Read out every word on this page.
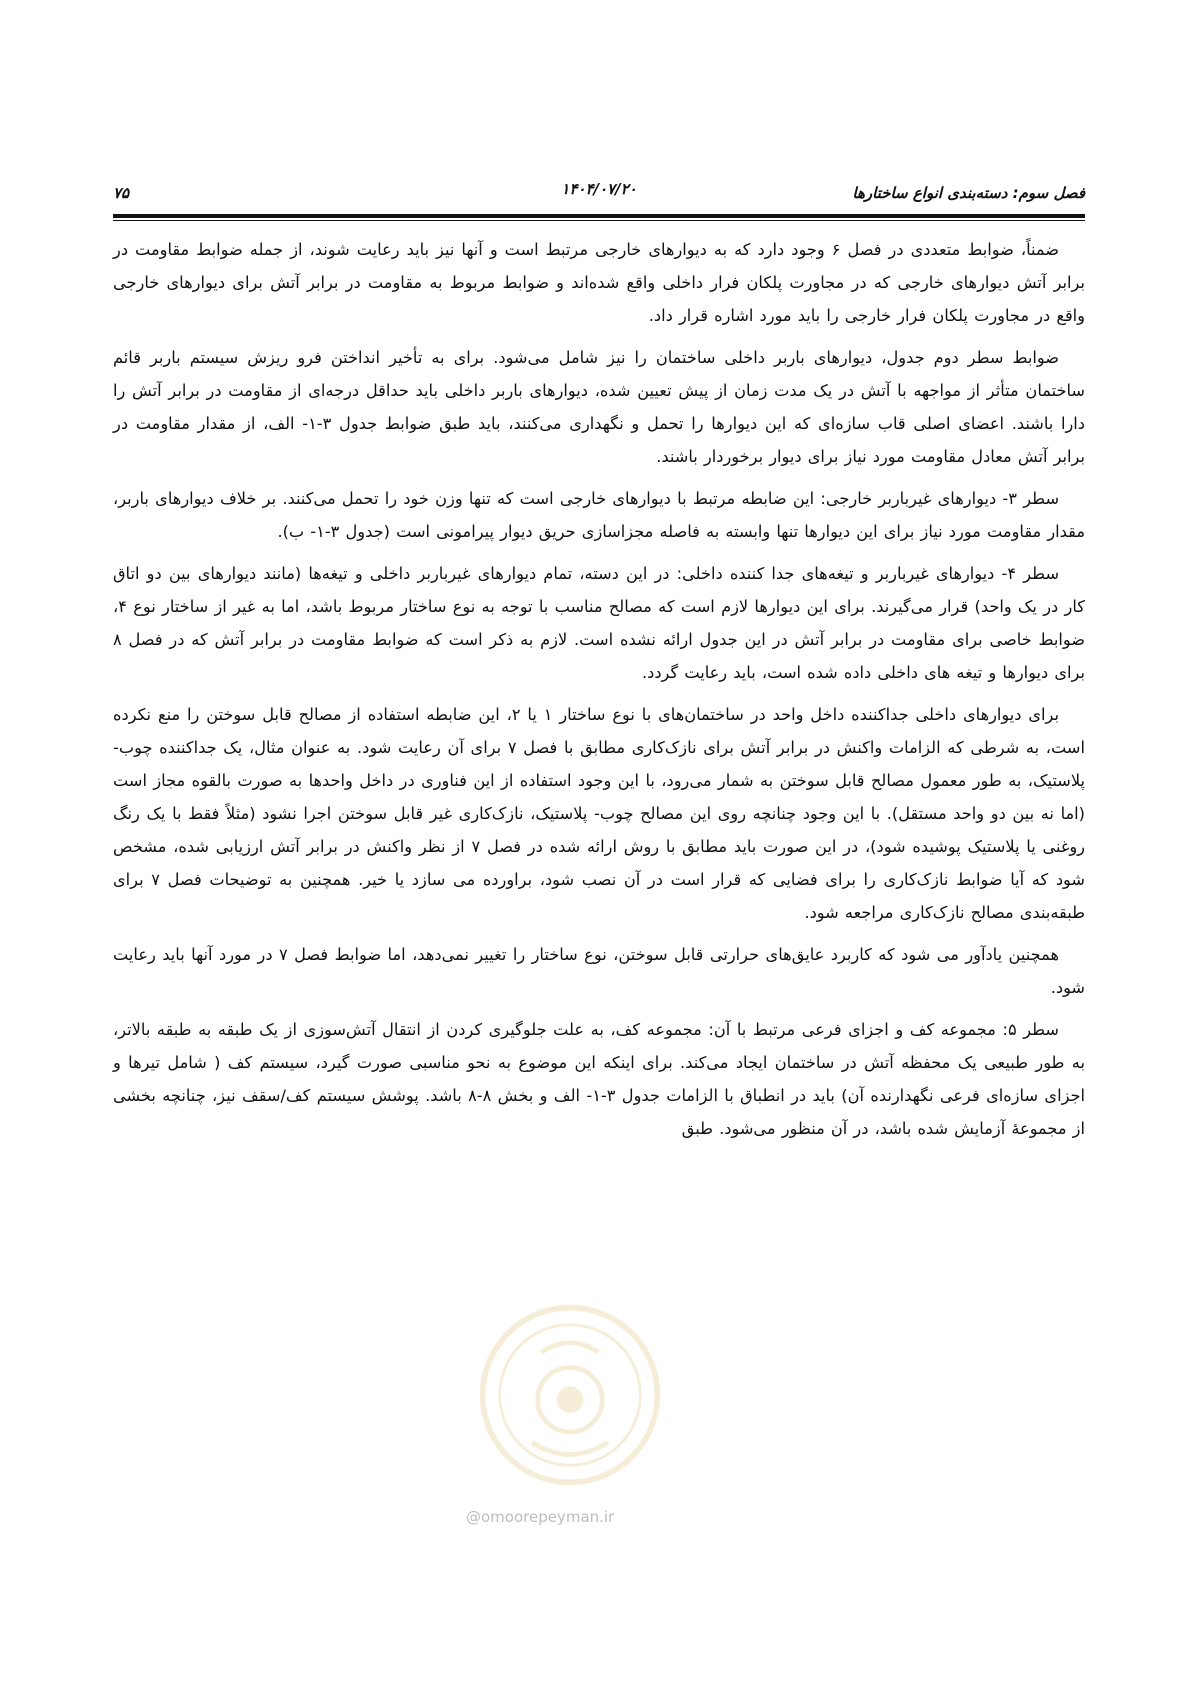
فصل سوم: دسته‌بندی انواع ساختارها
۱۴۰۴/۰۷/۲۰
۷۵

ضمناً، ضوابط متعددی در فصل ۶ وجود دارد که به دیوارهای خارجی مرتبط است و آنها نیز باید رعایت شوند، از جمله ضوابط مقاومت در برابر آتش دیوارهای خارجی که در مجاورت پلکان فرار داخلی واقع شده‌اند و ضوابط مربوط به مقاومت در برابر آتش برای دیوارهای خارجی واقع در مجاورت پلکان فرار خارجی را باید مورد اشاره قرار داد.

ضوابط سطر دوم جدول، دیوارهای باربر داخلی ساختمان را نیز شامل می‌شود. برای به تأخیر انداختن فرو ریزش سیستم باربر قائم ساختمان متأثر از مواجهه با آتش در یک مدت زمان از پیش تعیین شده، دیوارهای باربر داخلی باید حداقل درجه‌ای از مقاومت در برابر آتش را دارا باشند. اعضای اصلی قاب سازه‌ای که این دیوارها را تحمل و نگهداری می‌کنند، باید طبق ضوابط جدول ۳-۱- الف، از مقدار مقاومت در برابر آتش معادل مقاومت مورد نیاز برای دیوار برخوردار باشند.

سطر ۳- دیوارهای غیرباربر خارجی: این ضابطه مرتبط با دیوارهای خارجی است که تنها وزن خود را تحمل می‌کنند. بر خلاف دیوارهای باربر، مقدار مقاومت مورد نیاز برای این دیوارها تنها وابسته به فاصله مجزاسازی حریق دیوار پیرامونی است (جدول ۳-۱- ب).

سطر ۴- دیوارهای غیرباربر و تیغه‌های جدا کننده داخلی: در این دسته، تمام دیوارهای غیرباربر داخلی و تیغه‌ها (مانند دیوارهای بین دو اتاق کار در یک واحد) قرار می‌گیرند. برای این دیوارها لازم است که مصالح مناسب با توجه به نوع ساختار مربوط باشد، اما به غیر از ساختار نوع ۴، ضوابط خاصی برای مقاومت در برابر آتش در این جدول ارائه نشده است. لازم به ذکر است که ضوابط مقاومت در برابر آتش که در فصل ۸ برای دیوارها و تیغه های داخلی داده شده است، باید رعایت گردد.

برای دیوارهای داخلی جداکننده داخل واحد در ساختمان‌های با نوع ساختار ۱ یا ۲، این ضابطه استفاده از مصالح قابل سوختن را منع نکرده است، به شرطی که الزامات واکنش در برابر آتش برای نازک‌کاری مطابق با فصل ۷ برای آن رعایت شود. به عنوان مثال، یک جداکننده چوب-پلاستیک، به طور معمول مصالح قابل سوختن به شمار می‌رود، با این وجود استفاده از این فناوری در داخل واحدها به صورت بالقوه مجاز است (اما نه بین دو واحد مستقل). با این وجود چنانچه روی این مصالح چوب- پلاستیک، نازک‌کاری غیر قابل سوختن اجرا نشود (مثلاً فقط با یک رنگ روغنی یا پلاستیک پوشیده شود)، در این صورت باید مطابق با روش ارائه شده در فصل ۷ از نظر واکنش در برابر آتش ارزیابی شده، مشخص شود که آیا ضوابط نازک‌کاری را برای فضایی که قرار است در آن نصب شود، براورده می سازد یا خیر. همچنین به توضیحات فصل ۷ برای طبقه‌بندی مصالح نازک‌کاری مراجعه شود.

همچنین یادآور می شود که کاربرد عایق‌های حرارتی قابل سوختن، نوع ساختار را تغییر نمی‌دهد، اما ضوابط فصل ۷ در مورد آنها باید رعایت شود.

سطر ۵: مجموعه کف و اجزای فرعی مرتبط با آن: مجموعه کف، به علت جلوگیری کردن از انتقال آتش‌سوزی از یک طبقه به طبقه بالاتر، به طور طبیعی یک محفظه آتش در ساختمان ایجاد می‌کند. برای اینکه این موضوع به نحو مناسبی صورت گیرد، سیستم کف ( شامل تیرها و اجزای سازه‌ای فرعی نگهدارنده آن) باید در انطباق با الزامات جدول ۳-۱- الف و بخش ۸-۸ باشد. پوشش سیستم کف/سقف نیز، چنانچه بخشی از مجموعهٔ آزمایش شده باشد، در آن منظور می‌شود. طبق

@omoorepeyman.ir
